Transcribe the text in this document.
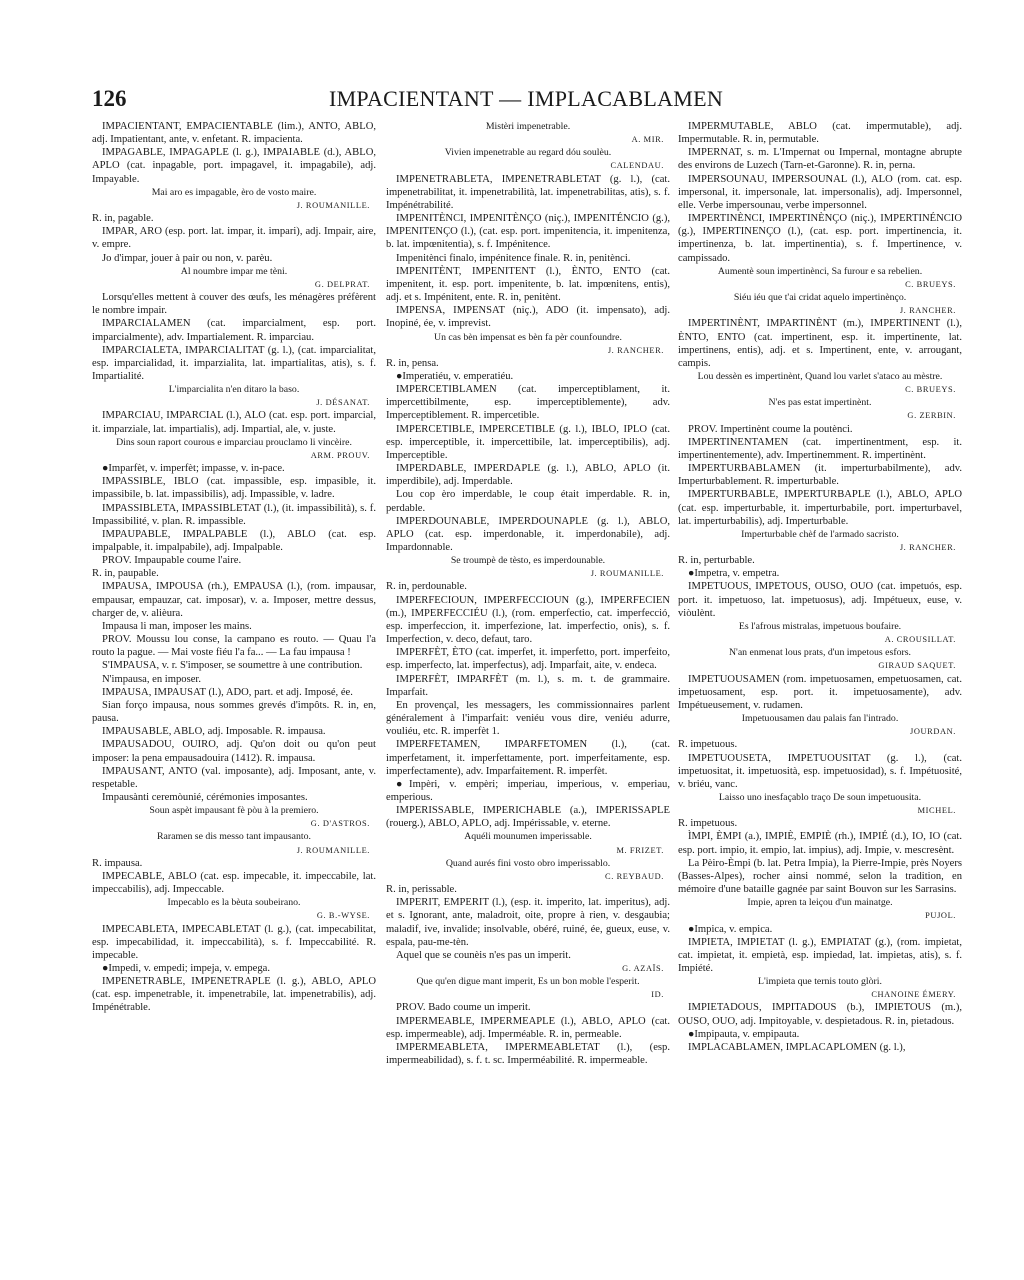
126	IMPACIENTANT — IMPLACABLAMEN

IMPACIENTANT, EMPACIENTABLE (lim.), ANTO, ABLO, adj. Impatientant, ante, v. enfetant. R. impacienta.

IMPAGABLE, IMPAGAPLE (l. g.), IMPAIABLE (d.), ABLO, APLO (cat. inpagable, port. impagavel, it. impagabile), adj. Impayable.

Mai aro es impagable, èro de vosto maire.

J. ROUMANILLE.

R. in, pagable.

IMPAR, ARO (esp. port. lat. impar, it. impari), adj. Impair, aire, v. empre.

Jo d'impar, jouer à pair ou non, v. parèu.

Al noumbre impar me tèni.

G. DELPRAT.

Lorsqu'elles mettent à couver des œufs, les ménagères préfèrent le nombre impair.

IMPARCIALAMEN (cat. imparcialment, esp. port. imparcialmente), adv. Impartialement. R. imparciau.

IMPARCIALETA, IMPARCIALITAT (g. l.), (cat. imparcialitat, esp. imparcialidad, it. imparzialita, lat. impartialitas, atis), s. f. Impartialité.

L'imparcialita n'en ditaro la baso.

J. DÉSANAT.

IMPARCIAU, IMPARCIAL (l.), ALO (cat. esp. port. imparcial, it. imparziale, lat. impartialis), adj. Impartial, ale, v. juste.

Dins soun raport courous e imparciau prouclamo li vincèire.

ARM. PROUV.

●Imparfèt, v. imperfèt; impasse, v. in-pace.

IMPASSIBLE, IBLO (cat. impassible, esp. impasible, it. impassibile, b. lat. impassibilis), adj. Impassible, v. ladre.

IMPASSIBLETA, IMPASSIBLETAT (l.), (it. impassibilità), s. f. Impassibilité, v. plan. R. impassible.

IMPAUPABLE, IMPALPABLE (l.), ABLO (cat. esp. impalpable, it. impalpabile), adj. Impalpable.

PROV. Impaupable coume l'aire.

R. in, paupable.

IMPAUSA, IMPOUSA (rh.), EMPAUSA (l.), (rom. impausar, empausar, empauzar, cat. imposar), v. a. Imposer, mettre dessus, charger de, v. alièura.

Impausa li man, imposer les mains.

PROV. Moussu lou conse, la campano es routo. — Quau l'a routo la pague. — Mai voste fiéu l'a fa... — La fau impausa !

S'IMPAUSA, v. r. S'imposer, se soumettre à une contribution.

N'impausa, en imposer.

IMPAUSA, IMPAUSAT (l.), ADO, part. et adj. Imposé, ée.

Sian forço impausa, nous sommes grevés d'impôts. R. in, en, pausa.

IMPAUSABLE, ABLO, adj. Imposable. R. impausa.

IMPAUSADOU, OUIRO, adj. Qu'on doit ou qu'on peut imposer: la pena empausadouira (1412). R. impausa.

IMPAUSANT, ANTO (val. imposante), adj. Imposant, ante, v. respetable.

Impausànti ceremòunié, cérémonies imposantes.

Soun aspèt impausant fè pòu à la premiero.

G. D'ASTROS.

Raramen se dis messo tant impausanto.

J. ROUMANILLE.

R. impausa.

IMPECABLE, ABLO (cat. esp. impecable, it. impeccabile, lat. impeccabilis), adj. Impeccable.

Impecablo es la bèuta soubeirano.

G. B.-WYSE.

IMPECABLETA, IMPECABLETAT (l. g.), (cat. impecabilitat, esp. impecabilidad, it. impeccabilità), s. f. Impeccabilité. R. impecable.

●Impedi, v. empedi; impeja, v. empega.

IMPENETRABLE, IMPENETRAPLE (l. g.), ABLO, APLO (cat. esp. impenetrable, it. impenetrabile, lat. impenetrabilis), adj. Impénétrable.

Mistèri impenetrable.

A. MIR.

Vivien impenetrable au regard dóu soulèu.

CALENDAU.

IMPENETRABLETA, IMPENETRABLETAT (g. l.), (cat. impenetrabilitat, it. impenetrabilità, lat. impenetrabilitas, atis), s. f. Impénétrabilité.

IMPENITÈNCI, IMPENITÈNÇO (niç.), IMPENITÉNCIO (g.), IMPENITENÇO (l.), (cat. esp. port. impenitencia, it. impenitenza, b. lat. impœnitentia), s. f. Impénitence.

Impenitènci finalo, impénitence finale. R. in, penitènci.

IMPENITÈNT, IMPENITENT (l.), ÈNTO, ENTO (cat. impenitent, it. esp. port. impenitente, b. lat. impœnitens, entis), adj. et s. Impénitent, ente. R. in, penitènt.

IMPENSA, IMPENSAT (niç.), ADO (it. impensato), adj. Inopiné, ée, v. imprevist.

Un cas bèn impensat es bèn fa pèr counfoundre.

J. RANCHER.

R. in, pensa.

●Imperatiéu, v. emperatiéu.

IMPERCETIBLAMEN (cat. imperceptiblament, it. impercettibilmente, esp. imperceptiblemente), adv. Imperceptiblement. R. impercetible.

IMPERCETIBLE, IMPERCETIBLE (g. l.), IBLO, IPLO (cat. esp. imperceptible, it. impercettibile, lat. imperceptibilis), adj. Imperceptible.

IMPERDABLE, IMPERDAPLE (g. l.), ABLO, APLO (it. imperdibile), adj. Imperdable.

Lou cop èro imperdable, le coup était imperdable. R. in, perdable.

IMPERDOUNABLE, IMPERDOUNAPLE (g. l.), ABLO, APLO (cat. esp. imperdonable, it. imperdonabile), adj. Impardonnable.

Se troumpè de tèsto, es imperdounable.

J. ROUMANILLE.

R. in, perdounable.

IMPERFECIOUN, IMPERFECCIOUN (g.), IMPERFECIEN (m.), IMPERFECCIÉU (l.), (rom. emperfectio, cat. imperfecció, esp. imperfeccion, it. imperfezione, lat. imperfectio, onis), s. f. Imperfection, v. deco, defaut, taro.

IMPERFÈT, ÈTO (cat. imperfet, it. imperfetto, port. imperfeito, esp. imperfecto, lat. imperfectus), adj. Imparfait, aite, v. endeca.

IMPERFÈT, IMPARFÈT (m. l.), s. m. t. de grammaire. Imparfait.

En provençal, les messagers, les commissionnaires parlent généralement à l'imparfait: veniéu vous dire, veniéu adurre, vouliéu, etc. R. imperfèt 1.

IMPERFETAMEN, IMPARFETOMEN (l.), (cat. imperfetament, it. imperfettamente, port. imperfeitamente, esp. imperfectamente), adv. Imparfaitement. R. imperfèt.

●Impèri, v. empèri; imperiau, imperious, v. emperiau, emperious.

IMPERISSABLE, IMPERICHABLE (a.), IMPERISSAPLE (rouerg.), ABLO, APLO, adj. Impérissable, v. eterne.

Aquéli mounumen imperissable.

M. FRIZET.

Quand aurés fini vosto obro imperissablo.

C. REYBAUD.

R. in, perissable.

IMPERIT, EMPERIT (l.), (esp. it. imperito, lat. imperitus), adj. et s. Ignorant, ante, maladroit, oite, propre à rien, v. desgaubia; maladif, ive, invalide; insolvable, obéré, ruiné, ée, gueux, euse, v. espala, pau-me-tèn.

Aquel que se counèis n'es pas un imperit.

G. AZAÏS.

Que qu'en digue mant imperit, Es un bon moble l'esperit.

ID.

PROV. Bado coume un imperit.

IMPERMEABLE, IMPERMEAPLE (l.), ABLO, APLO (cat. esp. impermeable), adj. Imperméable. R. in, permeable.

IMPERMEABLETA, IMPERMEABLETAT (l.), (esp. impermeabilidad), s. f. t. sc. Imperméabilité. R. impermeable.

IMPERMUTABLE, ABLO (cat. impermutable), adj. Impermutable. R. in, permutable.

IMPERNAT, s. m. L'Impernat ou Impernal, montagne abrupte des environs de Luzech (Tarn-et-Garonne). R. in, perna.

IMPERSOUNAU, IMPERSOUNAL (l.), ALO (rom. cat. esp. impersonal, it. impersonale, lat. impersonalis), adj. Impersonnel, elle. Verbe impersounau, verbe impersonnel.

IMPERTINÈNCI, IMPERTINÈNÇO (niç.), IMPERTINÉNCIO (g.), IMPERTINENÇO (l.), (cat. esp. port. impertinencia, it. impertinenza, b. lat. impertinentia), s. f. Impertinence, v. campissado.

Aumentè soun impertinènci, Sa furour e sa rebelien.

C. BRUEYS.

Siéu iéu que t'ai cridat aquelo impertinènço.

J. RANCHER.

IMPERTINÈNT, IMPARTINÈNT (m.), IMPERTINENT (l.), ÈNTO, ENTO (cat. impertinent, esp. it. impertinente, lat. impertinens, entis), adj. et s. Impertinent, ente, v. arrougant, campis.

Lou dessèn es impertinènt, Quand lou varlet s'ataco au mèstre.

C. BRUEYS.

N'es pas estat impertinènt.

G. ZERBIN.

PROV. Impertinènt coume la poutènci.

IMPERTINENTAMEN (cat. impertinentment, esp. it. impertinentemente), adv. Impertinemment. R. impertinènt.

IMPERTURBABLAMEN (it. imperturbabilmente), adv. Imperturbablement. R. imperturbable.

IMPERTURBABLE, IMPERTURBAPLE (l.), ABLO, APLO (cat. esp. imperturbable, it. imperturbabile, port. imperturbavel, lat. imperturbabilis), adj. Imperturbable.

Imperturbable chèf de l'armado sacristo.

J. RANCHER.

R. in, perturbable.

●Impetra, v. empetra.

IMPETUOUS, IMPETOUS, OUSO, OUO (cat. impetuós, esp. port. it. impetuoso, lat. impetuosus), adj. Impétueux, euse, v. viòulènt.

Es l'afrous mistralas, impetuous boufaire.

A. CROUSILLAT.

N'an enmenat lous prats, d'un impetous esfors.

GIRAUD SAQUET.

IMPETUOUSAMEN (rom. impetuosamen, empetuosamen, cat. impetuosament, esp. port. it. impetuosamente), adv. Impétueusement, v. rudamen.

Impetuousamen dau palais fan l'intrado.

JOURDAN.

R. impetuous.

IMPETUOUSETA, IMPETUOUSITAT (g. l.), (cat. impetuositat, it. impetuosità, esp. impetuosidad), s. f. Impétuosité, v. briéu, vanc.

Laisso uno inesfaçablo traço De soun impetuousita.

MICHEL.

R. impetuous.

ÌMPI, ÈMPI (a.), IMPIÈ, EMPIÈ (rh.), IMPIÉ (d.), IO, IO (cat. esp. port. impio, it. empio, lat. impius), adj. Impie, v. mescresènt.

La Pèiro-Èmpi (b. lat. Petra Impia), la Pierre-Impie, près Noyers (Basses-Alpes), rocher ainsi nommé, selon la tradition, en mémoire d'une bataille gagnée par saint Bouvon sur les Sarrasins.

Impie, apren ta leiçou d'un mainatge.

PUJOL.

●Impica, v. empica.

IMPIETA, IMPIETAT (l. g.), EMPIATAT (g.), (rom. impietat, cat. impietat, it. empietà, esp. impiedad, lat. impietas, atis), s. f. Impiété.

L'impieta que ternis touto glòri.

CHANOINE ÉMERY.

IMPIETADOUS, IMPITADOUS (b.), IMPIETOUS (m.), OUSO, OUO, adj. Impitoyable, v. despietadous. R. in, pietadous.

●Impipauta, v. empipauta.

IMPLACABLAMEN, IMPLACAPLOMEN (g. l.),
